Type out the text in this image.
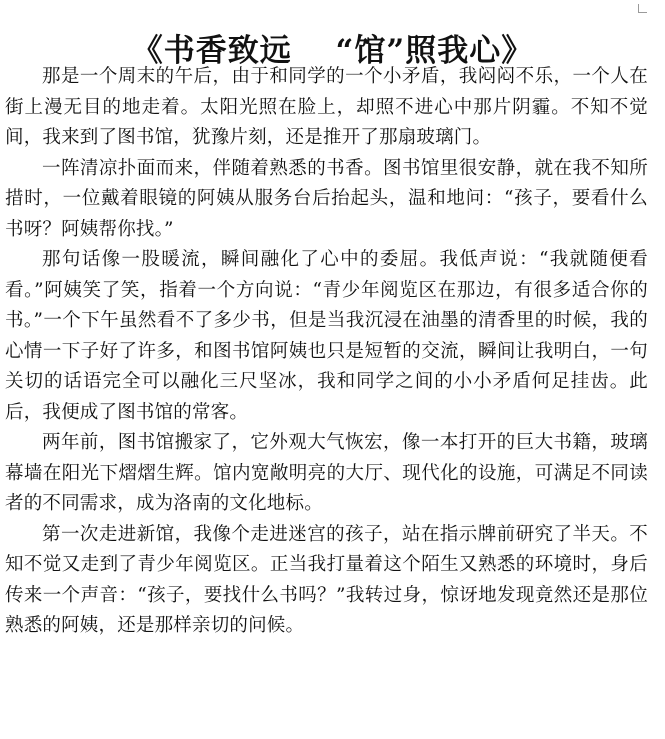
《书香致远　 “馆”照我心》

那是一个周末的午后，由于和同学的一个小矛盾，我闷闷不乐，一个人在街上漫无目的地走着。太阳光照在脸上，却照不进心中那片阴霾。不知不觉间，我来到了图书馆，犹豫片刻，还是推开了那扇玻璃门。

一阵清凉扑面而来，伴随着熟悉的书香。图书馆里很安静，就在我不知所措时，一位戴着眼镜的阿姨从服务台后抬起头，温和地问：“孩子，要看什么书呀？阿姨帮你找。”

那句话像一股暖流，瞬间融化了心中的委屈。我低声说：“我就随便看看。”阿姨笑了笑，指着一个方向说：“青少年阅览区在那边，有很多适合你的书。”一个下午虽然看不了多少书，但是当我沉浸在油墨的清香里的时候，我的心情一下子好了许多，和图书馆阿姨也只是短暂的交流，瞬间让我明白，一句关切的话语完全可以融化三尺坚冰，我和同学之间的小小矛盾何足挂齿。此后，我便成了图书馆的常客。

两年前，图书馆搬家了，它外观大气恢宏，像一本打开的巨大书籍，玻璃幕墙在阳光下熠熠生辉。馆内宽敞明亮的大厅、现代化的设施，可满足不同读者的不同需求，成为洛南的文化地标。

第一次走进新馆，我像个走进迷宫的孩子，站在指示牌前研究了半天。不知不觉又走到了青少年阅览区。正当我打量着这个陌生又熟悉的环境时，身后传来一个声音：“孩子，要找什么书吗？”我转过身，惊讶地发现竟然还是那位熟悉的阿姨，还是那样亲切的问候。
